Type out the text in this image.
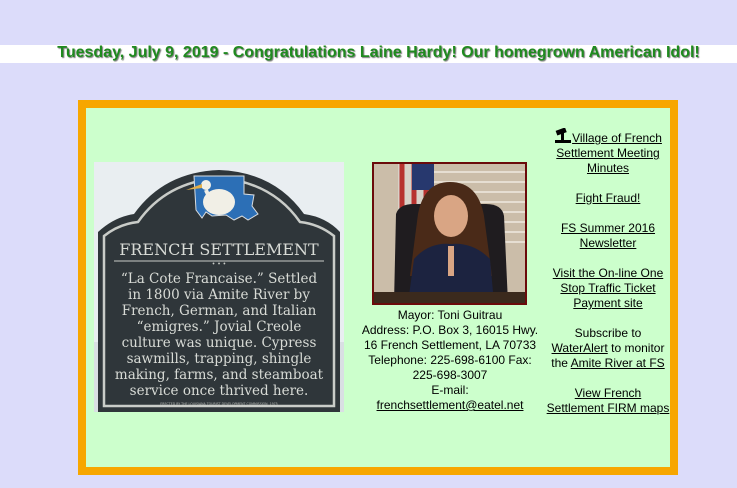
Tuesday, July 9, 2019 - Congratulations Laine Hardy! Our homegrown American Idol!
FRENCH SETTLEMENT
• • •
“La Cote Francaise.” Settled
in 1800 via Amite River by
French, German, and Italian
“emigres.” Jovial Creole
culture was unique. Cypress
sawmills, trapping, shingle
making, farms, and steamboat
service once thrived here.
ERECTED BY THE LOUISIANA TOURIST DEVELOPMENT COMMISSION, 1975
Mayor: Toni Guitrau
Address: P.O. Box 3, 16015 Hwy.
16 French Settlement, LA 70733
Telephone: 225-698-6100 Fax:
225-698-3007
E-mail:
frenchsettlement@eatel.net
Village of French Settlement Meeting Minutes
Fight Fraud!
FS Summer 2016 Newsletter
Visit the On-line One Stop Traffic Ticket Payment site
Subscribe to WaterAlert to monitor the Amite River at FS
View French Settlement FIRM maps
